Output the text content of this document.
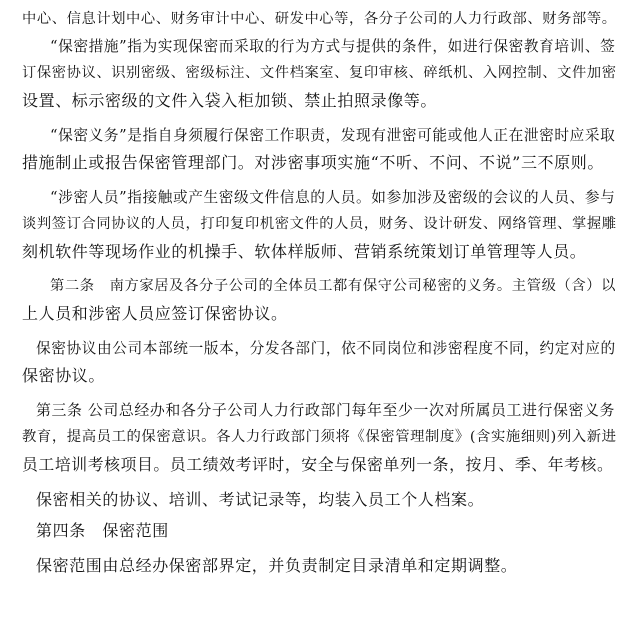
中心、信息计划中心、财务审计中心、研发中心等，各分子公司的人力行政部、财务部等。
“保密措施”指为实现保密而采取的行为方式与提供的条件，如进行保密教育培训、签
订保密协议、识别密级、密级标注、文件档案室、复印审核、碎纸机、入网控制、文件加密
设置、标示密级的文件入袋入柜加锁、禁止拍照录像等。
“保密义务”是指自身须履行保密工作职责，发现有泄密可能或他人正在泄密时应采取
措施制止或报告保密管理部门。对涉密事项实施“不听、不问、不说”三不原则。
“涉密人员”指接触或产生密级文件信息的人员。如参加涉及密级的会议的人员、参与
谈判签订合同协议的人员，打印复印机密文件的人员，财务、设计研发、网络管理、掌握雕
刻机软件等现场作业的机操手、软体样版师、营销系统策划订单管理等人员。
第二条　南方家居及各分子公司的全体员工都有保守公司秘密的义务。主管级（含）以
上人员和涉密人员应签订保密协议。
保密协议由公司本部统一版本，分发各部门，依不同岗位和涉密程度不同，约定对应的
保密协议。
第三条 公司总经办和各分子公司人力行政部门每年至少一次对所属员工进行保密义务
教育，提高员工的保密意识。各人力行政部门须将《保密管理制度》(含实施细则)列入新进
员工培训考核项目。员工绩效考评时，安全与保密单列一条，按月、季、年考核。
保密相关的协议、培训、考试记录等，均装入员工个人档案。
第四条　保密范围
保密范围由总经办保密部界定，并负责制定目录清单和定期调整。
